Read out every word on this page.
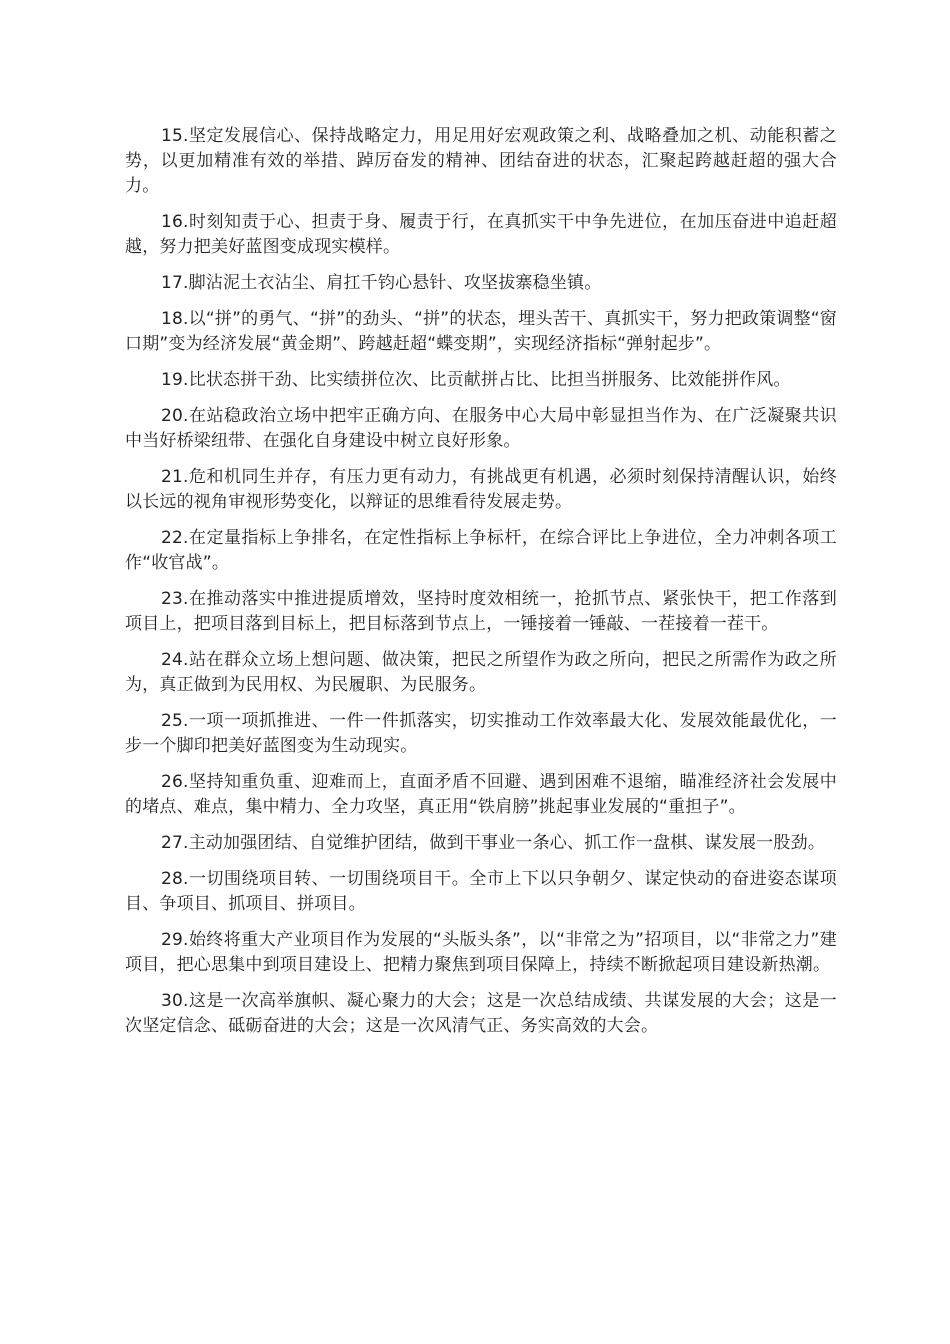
15.坚定发展信心、保持战略定力，用足用好宏观政策之利、战略叠加之机、动能积蓄之势，以更加精准有效的举措、踔厉奋发的精神、团结奋进的状态，汇聚起跨越赶超的强大合力。

16.时刻知责于心、担责于身、履责于行，在真抓实干中争先进位，在加压奋进中追赶超越，努力把美好蓝图变成现实模样。

17.脚沾泥土衣沾尘、肩扛千钧心悬针、攻坚拔寨稳坐镇。

18.以“拼”的勇气、“拼”的劲头、“拼”的状态，埋头苦干、真抓实干，努力把政策调整“窗口期”变为经济发展“黄金期”、跨越赶超“蝶变期”，实现经济指标“弹射起步”。

19.比状态拼干劲、比实绩拼位次、比贡献拼占比、比担当拼服务、比效能拼作风。

20.在站稳政治立场中把牢正确方向、在服务中心大局中彰显担当作为、在广泛凝聚共识中当好桥梁纽带、在强化自身建设中树立良好形象。

21.危和机同生并存，有压力更有动力，有挑战更有机遇，必须时刻保持清醒认识，始终以长远的视角审视形势变化，以辩证的思维看待发展走势。

22.在定量指标上争排名，在定性指标上争标杆，在综合评比上争进位，全力冲刺各项工作“收官战”。

23.在推动落实中推进提质增效，坚持时度效相统一，抢抓节点、紧张快干，把工作落到项目上，把项目落到目标上，把目标落到节点上，一锤接着一锤敲、一茬接着一茬干。

24.站在群众立场上想问题、做决策，把民之所望作为政之所向，把民之所需作为政之所为，真正做到为民用权、为民履职、为民服务。

25.一项一项抓推进、一件一件抓落实，切实推动工作效率最大化、发展效能最优化，一步一个脚印把美好蓝图变为生动现实。

26.坚持知重负重、迎难而上，直面矛盾不回避、遇到困难不退缩，瞄准经济社会发展中的堵点、难点，集中精力、全力攻坚，真正用“铁肩膀”挑起事业发展的“重担子”。

27.主动加强团结、自觉维护团结，做到干事业一条心、抓工作一盘棋、谋发展一股劲。

28.一切围绕项目转、一切围绕项目干。全市上下以只争朝夕、谋定快动的奋进姿态谋项目、争项目、抓项目、拼项目。

29.始终将重大产业项目作为发展的“头版头条”，以“非常之为”招项目，以“非常之力”建项目，把心思集中到项目建设上、把精力聚焦到项目保障上，持续不断掀起项目建设新热潮。

30.这是一次高举旗帜、凝心聚力的大会；这是一次总结成绩、共谋发展的大会；这是一次坚定信念、砥砺奋进的大会；这是一次风清气正、务实高效的大会。
